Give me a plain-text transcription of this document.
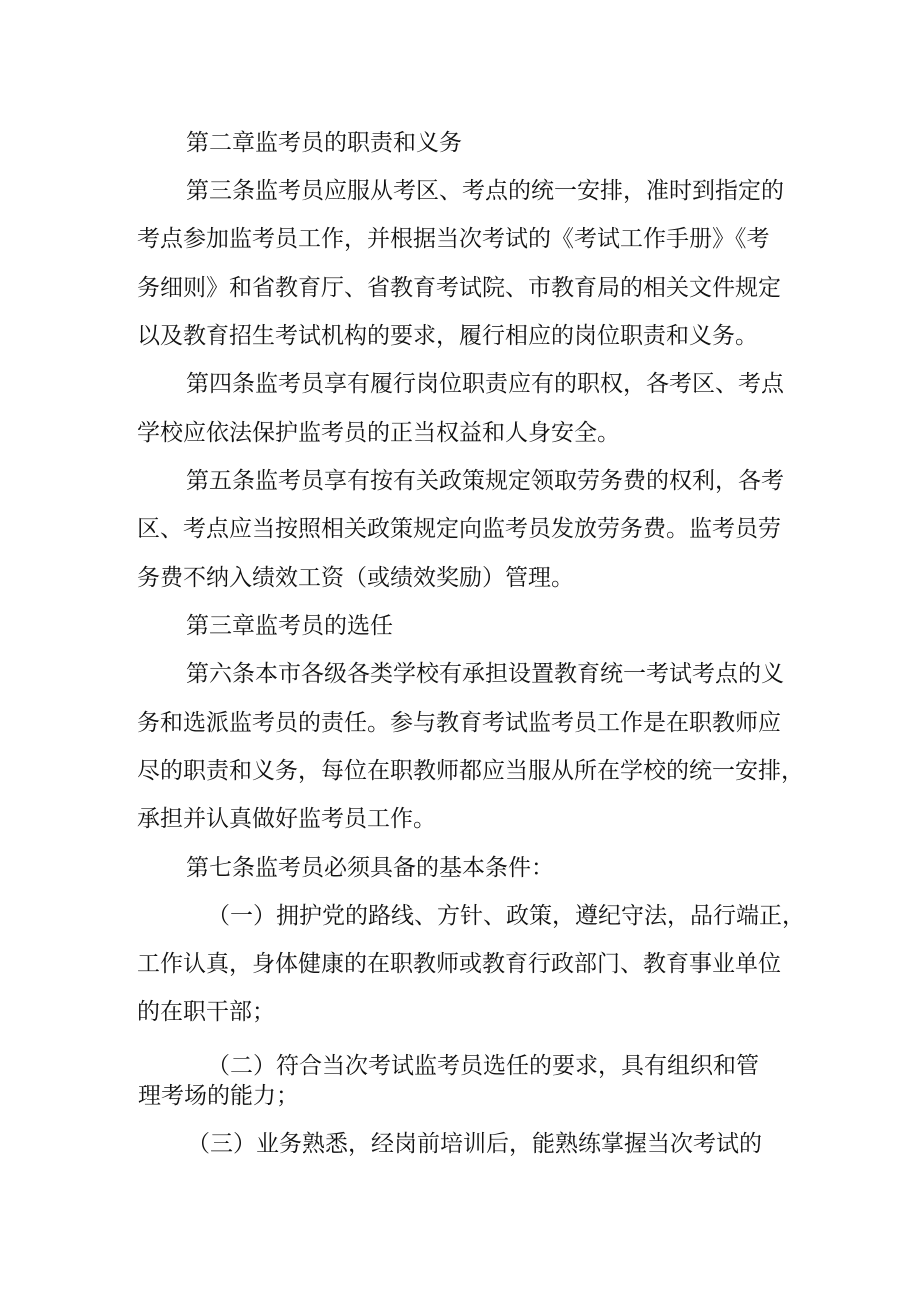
第二章监考员的职责和义务

第三条监考员应服从考区、考点的统一安排，准时到指定的

考点参加监考员工作，并根据当次考试的《考试工作手册》《考

务细则》和省教育厅、省教育考试院、市教育局的相关文件规定

以及教育招生考试机构的要求，履行相应的岗位职责和义务。

第四条监考员享有履行岗位职责应有的职权，各考区、考点

学校应依法保护监考员的正当权益和人身安全。

第五条监考员享有按有关政策规定领取劳务费的权利，各考

区、考点应当按照相关政策规定向监考员发放劳务费。监考员劳

务费不纳入绩效工资（或绩效奖励）管理。

第三章监考员的选任

第六条本市各级各类学校有承担设置教育统一考试考点的义

务和选派监考员的责任。参与教育考试监考员工作是在职教师应

尽的职责和义务，每位在职教师都应当服从所在学校的统一安排，

承担并认真做好监考员工作。

第七条监考员必须具备的基本条件：

（一）拥护党的路线、方针、政策，遵纪守法，品行端正，

工作认真，身体健康的在职教师或教育行政部门、教育事业单位

的在职干部；

（二）符合当次考试监考员选任的要求，具有组织和管

理考场的能力；

（三）业务熟悉，经岗前培训后，能熟练掌握当次考试的
